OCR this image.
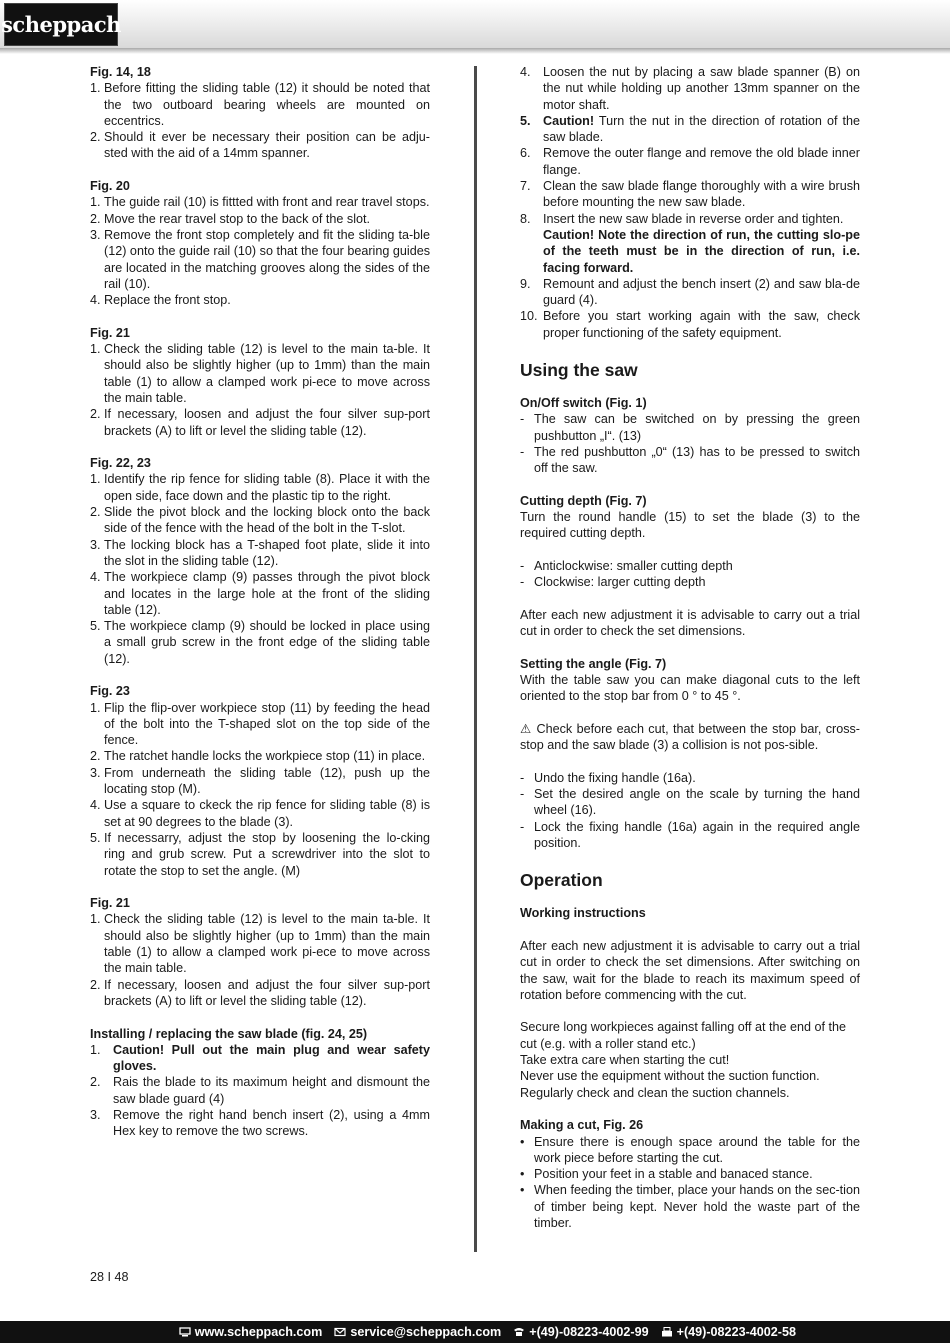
scheppach

Fig. 14, 18

1. Before fitting the sliding table (12) it should be noted that the two outboard bearing wheels are mounted on eccentrics.
2. Should it ever be necessary their position can be adju-sted with the aid of a 14mm spanner.

Fig. 20

1. The guide rail (10) is fittted with front and rear travel stops.
2. Move the rear travel stop to the back of the slot.
3. Remove the front stop completely and fit the sliding ta-ble (12) onto the guide rail (10) so that the four bearing guides are located in the matching grooves along the sides of the rail (10).
4. Replace the front stop.

Fig. 21

1. Check the sliding table (12) is level to the main ta-ble. It should also be slightly higher (up to 1mm) than the main table (1) to allow a clamped work pi-ece to move across the main table.
2. If necessary, loosen and adjust the four silver sup-port brackets (A) to lift or level the sliding table (12).

Fig. 22, 23

1. Identify the rip fence for sliding table (8). Place it with the open side, face down and the plastic tip to the right.
2. Slide the pivot block and the locking block onto the back side of the fence with the head of the bolt in the T-slot.
3. The locking block has a T-shaped foot plate, slide it into the slot in the sliding table (12).
4. The workpiece clamp (9) passes through the pivot block and locates in the large hole at the front of the sliding table (12).
5. The workpiece clamp (9) should be locked in place using a small grub screw in the front edge of the sliding table (12).

Fig. 23

1. Flip the flip-over workpiece stop (11) by feeding the head of the bolt into the T-shaped slot on the top side of the fence.
2. The ratchet handle locks the workpiece stop (11) in place.
3. From underneath the sliding table (12), push up the locating stop (M).
4. Use a square to ckeck the rip fence for sliding table (8) is set at 90 degrees to the blade (3).
5. If necessarry, adjust the stop by loosening the lo-cking ring and grub screw. Put a screwdriver into the slot to rotate the stop to set the angle. (M)

Fig. 21

1. Check the sliding table (12) is level to the main ta-ble. It should also be slightly higher (up to 1mm) than the main table (1) to allow a clamped work pi-ece to move across the main table.
2. If necessary, loosen and adjust the four silver sup-port brackets (A) to lift or level the sliding table (12).

Installing / replacing the saw blade (fig. 24, 25)

1. Caution! Pull out the main plug and wear safety gloves.
2. Rais the blade to its maximum height and dismount the saw blade guard (4)
3. Remove the right hand bench insert (2), using a 4mm Hex key to remove the two screws.
4. Loosen the nut by placing a saw blade spanner (B) on the nut while holding up another 13mm spanner on the motor shaft.
5. Caution! Turn the nut in the direction of rotation of the saw blade.
6. Remove the outer flange and remove the old blade inner flange.
7. Clean the saw blade flange thoroughly with a wire brush before mounting the new saw blade.
8. Insert the new saw blade in reverse order and tighten.
Caution! Note the direction of run, the cutting slo-pe of the teeth must be in the direction of run, i.e. facing forward.
9. Remount and adjust the bench insert (2) and saw bla-de guard (4).
10. Before you start working again with the saw, check proper functioning of the safety equipment.

Using the saw

On/Off switch (Fig. 1)

- The saw can be switched on by pressing the green pushbutton „I“. (13)
- The red pushbutton „0“ (13) has to be pressed to switch off the saw.

Cutting depth (Fig. 7)

Turn the round handle (15) to set the blade (3) to the required cutting depth.

- Anticlockwise: smaller cutting depth
- Clockwise: larger cutting depth

After each new adjustment it is advisable to carry out a trial cut in order to check the set dimensions.

Setting the angle (Fig. 7)

With the table saw you can make diagonal cuts to the left oriented to the stop bar from 0 ° to 45 °.

⚠ Check before each cut, that between the stop bar, cross-stop and the saw blade (3) a collision is not pos-sible.

- Undo the fixing handle (16a).
- Set the desired angle on the scale by turning the hand wheel (16).
- Lock the fixing handle (16a) again in the required angle position.

Operation

Working instructions

After each new adjustment it is advisable to carry out a trial cut in order to check the set dimensions. After switching on the saw, wait for the blade to reach its maximum speed of rotation before commencing with the cut.

Secure long workpieces against falling off at the end of the cut (e.g. with a roller stand etc.)

Take extra care when starting the cut!

Never use the equipment without the suction function.

Regularly check and clean the suction channels.

Making a cut, Fig. 26

• Ensure there is enough space around the table for the work piece before starting the cut.
• Position your feet in a stable and banaced stance.
• When feeding the timber, place your hands on the sec-tion of timber being kept. Never hold the waste part of the timber.
28 I 48
www.scheppach.com service@scheppach.com +(49)-08223-4002-99 +(49)-08223-4002-58
